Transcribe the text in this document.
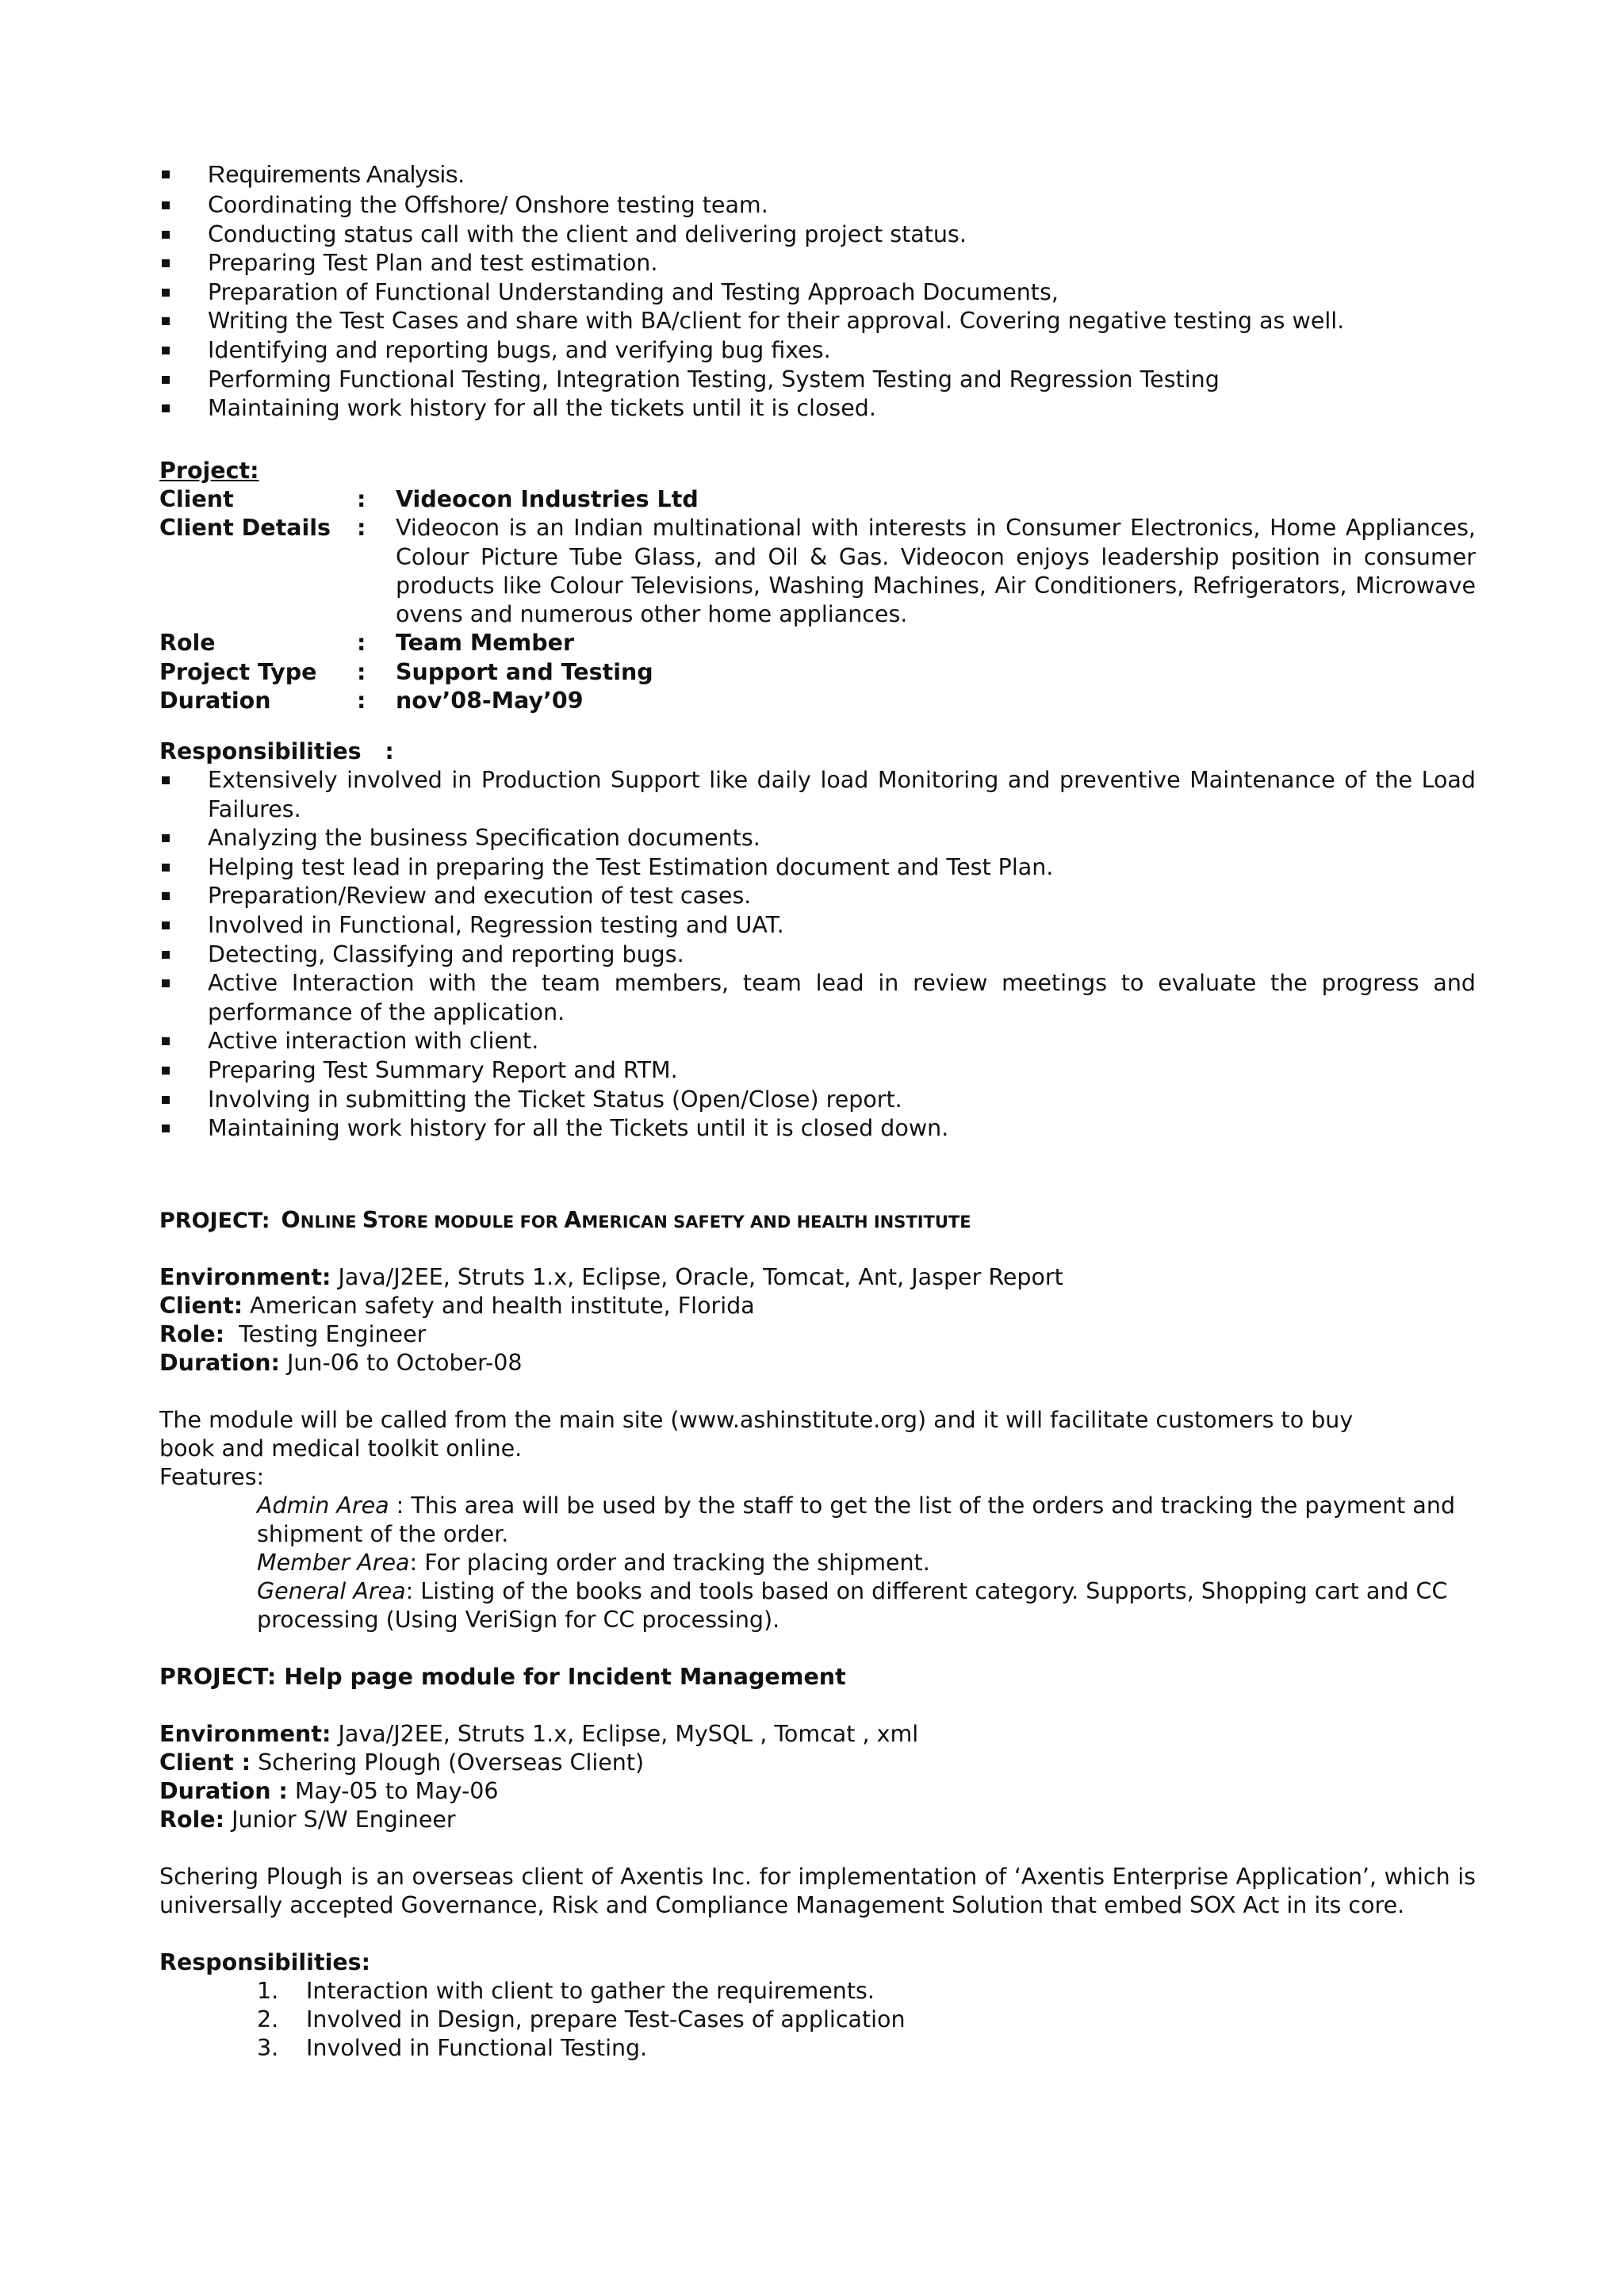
Requirements Analysis.
Coordinating the Offshore/ Onshore testing team.
Conducting status call with the client and delivering project status.
Preparing Test Plan and test estimation.
Preparation of Functional Understanding and Testing Approach Documents,
Writing the Test Cases and share with BA/client for their approval. Covering negative testing as well.
Identifying and reporting bugs, and verifying bug fixes.
Performing Functional Testing, Integration Testing, System Testing and Regression Testing
Maintaining work history for all the tickets until it is closed.
Project:
Client	: Videocon Industries Ltd
Client Details : Videocon is an Indian multinational with interests in Consumer Electronics, Home Appliances, Colour Picture Tube Glass, and Oil & Gas. Videocon enjoys leadership position in consumer products like Colour Televisions, Washing Machines, Air Conditioners, Refrigerators, Microwave ovens and numerous other home appliances.
Role	: Team Member
Project Type : Support and Testing
Duration	: nov’08-May’09
Responsibilities   :
Extensively involved in Production Support like daily load Monitoring and preventive Maintenance of the Load Failures.
Analyzing the business Specification documents.
Helping test lead in preparing the Test Estimation document and Test Plan.
Preparation/Review and execution of test cases.
Involved in Functional, Regression testing and UAT.
Detecting, Classifying and reporting bugs.
Active Interaction with the team members, team lead in review meetings to evaluate the progress and performance of the application.
Active interaction with client.
Preparing Test Summary Report and RTM.
Involving in submitting the Ticket Status (Open/Close) report.
Maintaining work history for all the Tickets until it is closed down.
PROJECT: ONLINE STORE MODULE FOR AMERICAN SAFETY AND HEALTH INSTITUTE
Environment: Java/J2EE, Struts 1.x, Eclipse, Oracle, Tomcat, Ant, Jasper Report
Client: American safety and health institute, Florida
Role: Testing Engineer
Duration: Jun-06 to October-08
The module will be called from the main site (www.ashinstitute.org) and it will facilitate customers to buy book and medical toolkit online.
Features:
Admin Area : This area will be used by the staff to get the list of the orders and tracking the payment and shipment of the order.
Member Area: For placing order and tracking the shipment.
General Area: Listing of the books and tools based on different category. Supports, Shopping cart and CC processing (Using VeriSign for CC processing).
PROJECT: Help page module for Incident Management
Environment: Java/J2EE, Struts 1.x, Eclipse, MySQL , Tomcat , xml
Client : Schering Plough (Overseas Client)
Duration : May-05 to May-06
Role: Junior S/W Engineer
Schering Plough is an overseas client of Axentis Inc. for implementation of ‘Axentis Enterprise Application’, which is universally accepted Governance, Risk and Compliance Management Solution that embed SOX Act in its core.
Responsibilities:
1. Interaction with client to gather the requirements.
2. Involved in Design, prepare Test-Cases of application
3. Involved in Functional Testing.
